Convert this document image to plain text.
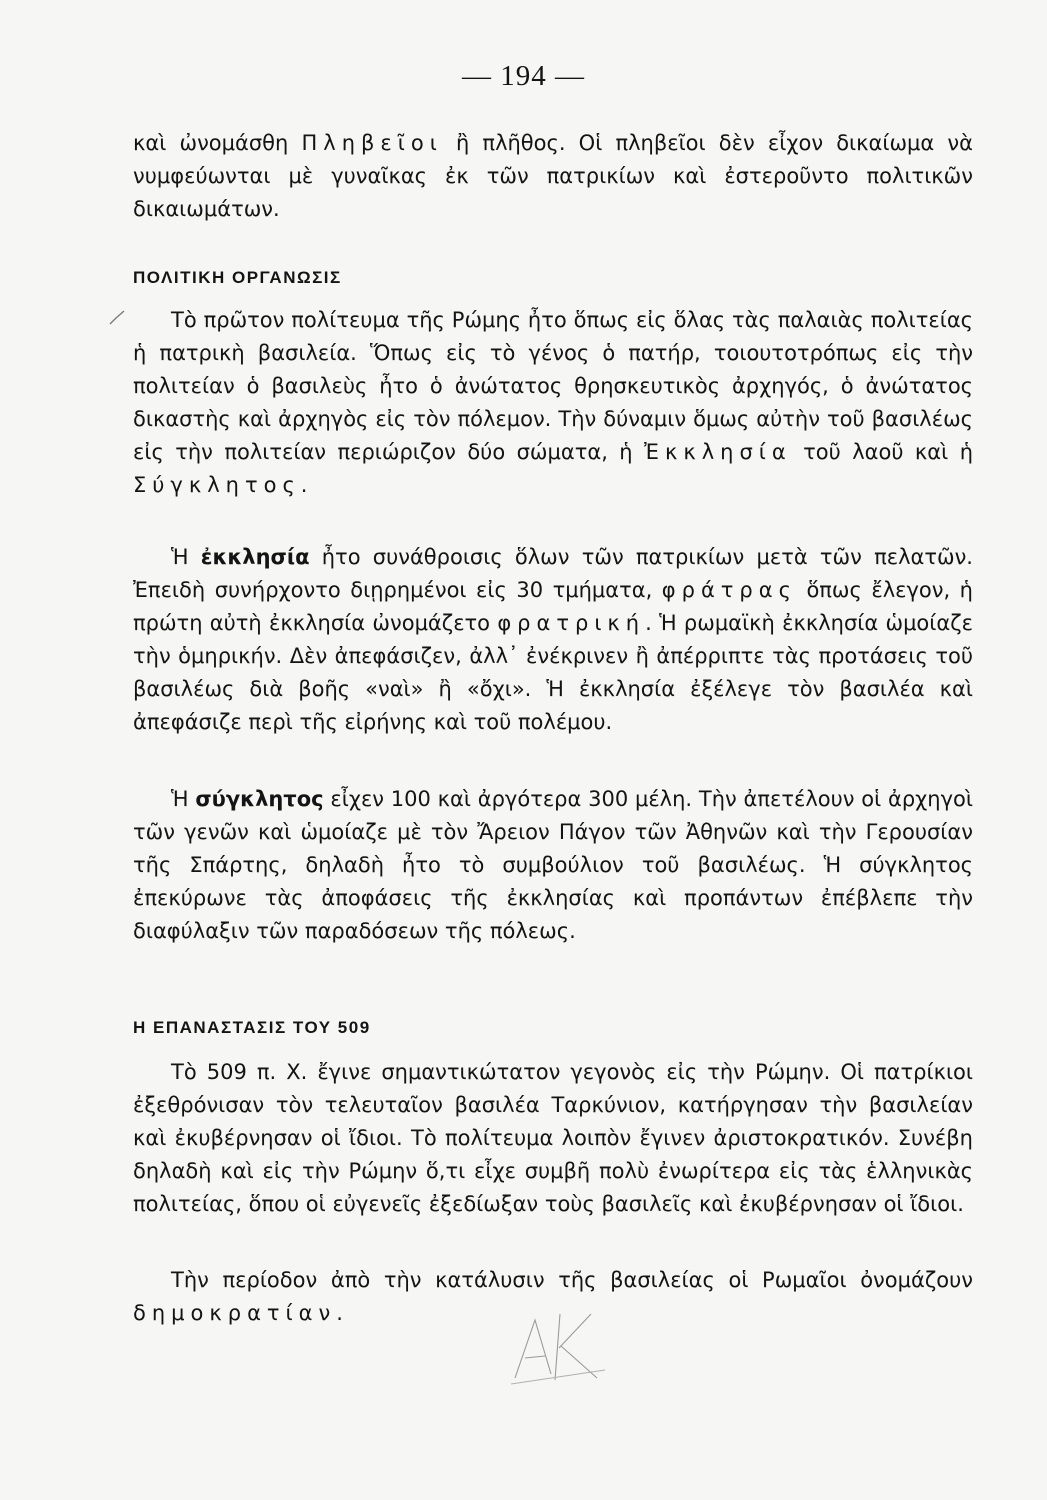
— 194 —

καὶ ὠνομάσθη Πληβεῖοι ἢ πλῆθος. Οἱ πληβεῖοι δὲν εἶχον δικαίωμα νὰ νυμφεύωνται μὲ γυναῖκας ἐκ τῶν πατρικίων καὶ ἐστεροῦντο πολιτικῶν δικαιωμάτων.

ΠΟΛΙΤΙΚΗ ΟΡΓΑΝΩΣΙΣ

Τὸ πρῶτον πολίτευμα τῆς Ρώμης ἦτο ὅπως εἰς ὅλας τὰς παλαιὰς πολιτείας ἡ πατρικὴ βασιλεία. Ὅπως εἰς τὸ γένος ὁ πατήρ, τοιουτοτρόπως εἰς τὴν πολιτείαν ὁ βασιλεὺς ἦτο ὁ ἀνώτατος θρησκευτικὸς ἀρχηγός, ὁ ἀνώτατος δικαστὴς καὶ ἀρχηγὸς εἰς τὸν πόλεμον. Τὴν δύναμιν ὅμως αὐτὴν τοῦ βασιλέως εἰς τὴν πολιτείαν περιώριζον δύο σώματα, ἡ Ἐκκλησία τοῦ λαοῦ καὶ ἡ Σύγκλητος.

Ἡ ἐκκλησία ἦτο συνάθροισις ὅλων τῶν πατρικίων μετὰ τῶν πελατῶν. Ἐπειδὴ συνήρχοντο διῃρημένοι εἰς 30 τμήματα, φράτρας ὅπως ἔλεγον, ἡ πρώτη αὐτὴ ἐκκλησία ὠνομάζετο φρατρική. Ἡ ρωμαϊκὴ ἐκκλησία ὡμοίαζε τὴν ὁμηρικήν. Δὲν ἀπεφάσιζεν, ἀλλ᾽ ἐνέκρινεν ἢ ἀπέρριπτε τὰς προτάσεις τοῦ βασιλέως διὰ βοῆς «ναὶ» ἢ «ὄχι». Ἡ ἐκκλησία ἐξέλεγε τὸν βασιλέα καὶ ἀπεφάσιζε περὶ τῆς εἰρήνης καὶ τοῦ πολέμου.

Ἡ σύγκλητος εἶχεν 100 καὶ ἀργότερα 300 μέλη. Τὴν ἀπετέλουν οἱ ἀρχηγοὶ τῶν γενῶν καὶ ὡμοίαζε μὲ τὸν Ἄρειον Πάγον τῶν Ἀθηνῶν καὶ τὴν Γερουσίαν τῆς Σπάρτης, δηλαδὴ ἦτο τὸ συμβούλιον τοῦ βασιλέως. Ἡ σύγκλητος ἐπεκύρωνε τὰς ἀποφάσεις τῆς ἐκκλησίας καὶ προπάντων ἐπέβλεπε τὴν διαφύλαξιν τῶν παραδόσεων τῆς πόλεως.

Η ΕΠΑΝΑΣΤΑΣΙΣ ΤΟΥ 509

Τὸ 509 π. Χ. ἔγινε σημαντικώτατον γεγονὸς εἰς τὴν Ρώμην. Οἱ πατρίκιοι ἐξεθρόνισαν τὸν τελευταῖον βασιλέα Ταρκύνιον, κατήργησαν τὴν βασιλείαν καὶ ἐκυβέρνησαν οἱ ἴδιοι. Τὸ πολίτευμα λοιπὸν ἔγινεν ἀριστοκρατικόν. Συνέβη δηλαδὴ καὶ εἰς τὴν Ρώμην ὅ,τι εἶχε συμβῆ πολὺ ἐνωρίτερα εἰς τὰς ἑλληνικὰς πολιτείας, ὅπου οἱ εὐγενεῖς ἐξεδίωξαν τοὺς βασιλεῖς καὶ ἐκυβέρνησαν οἱ ἴδιοι.

Τὴν περίοδον ἀπὸ τὴν κατάλυσιν τῆς βασιλείας οἱ Ρωμαῖοι ὀνομάζουν δημοκρατίαν.
